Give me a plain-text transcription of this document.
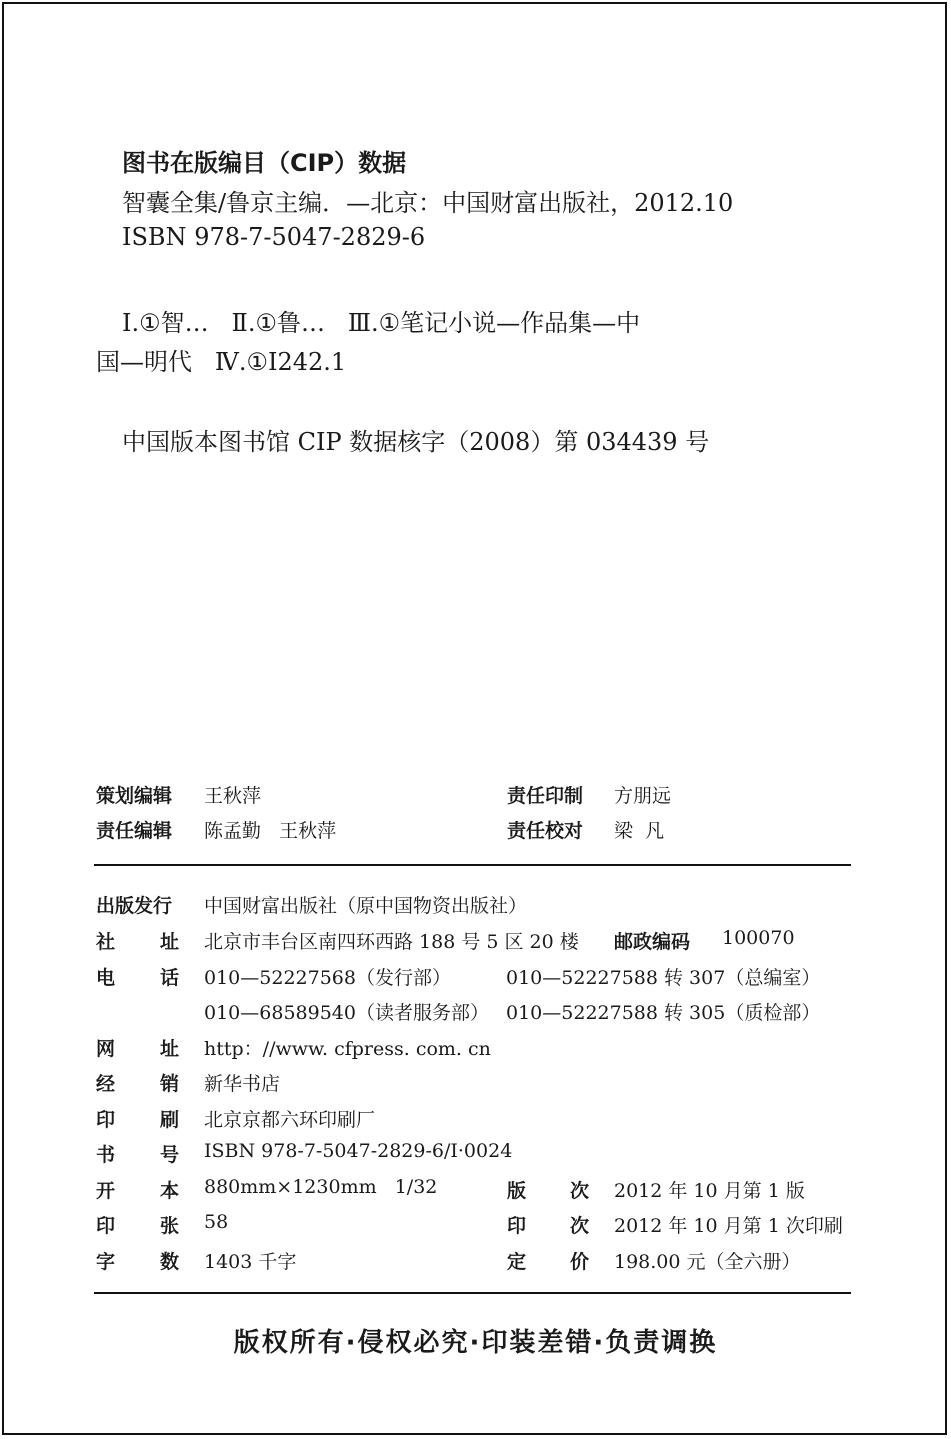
图书在版编目（CIP）数据
智囊全集/鲁京主编．—北京：中国财富出版社，2012.10
ISBN 978-7-5047-2829-6
Ⅰ.①智…   Ⅱ.①鲁…   Ⅲ.①笔记小说—作品集—中
国—明代   Ⅳ.①I242.1
中国版本图书馆 CIP 数据核字（2008）第 034439 号
策划编辑 王秋萍	责任印制 方朋远
责任编辑 陈孟勤   王秋萍	责任校对 梁  凡
出版发行 中国财富出版社（原中国物资出版社）
社 址 北京市丰台区南四环西路 188 号 5 区 20 楼 邮政编码 100070
电 话 010—52227568（发行部）	010—52227588 转 307（总编室）
010—68589540（读者服务部） 010—52227588 转 305（质检部）
网 址 http：//www. cfpress. com. cn
经 销 新华书店
印 刷 北京京都六环印刷厂
书 号 ISBN 978-7-5047-2829-6/I·0024
开 本 880mm×1230mm   1/32	版 次 2012 年 10 月第 1 版
印 张 58	印 次 2012 年 10 月第 1 次印刷
字 数 1403 千字	定 价 198.00 元（全六册）
版权所有·侵权必究·印装差错·负责调换
